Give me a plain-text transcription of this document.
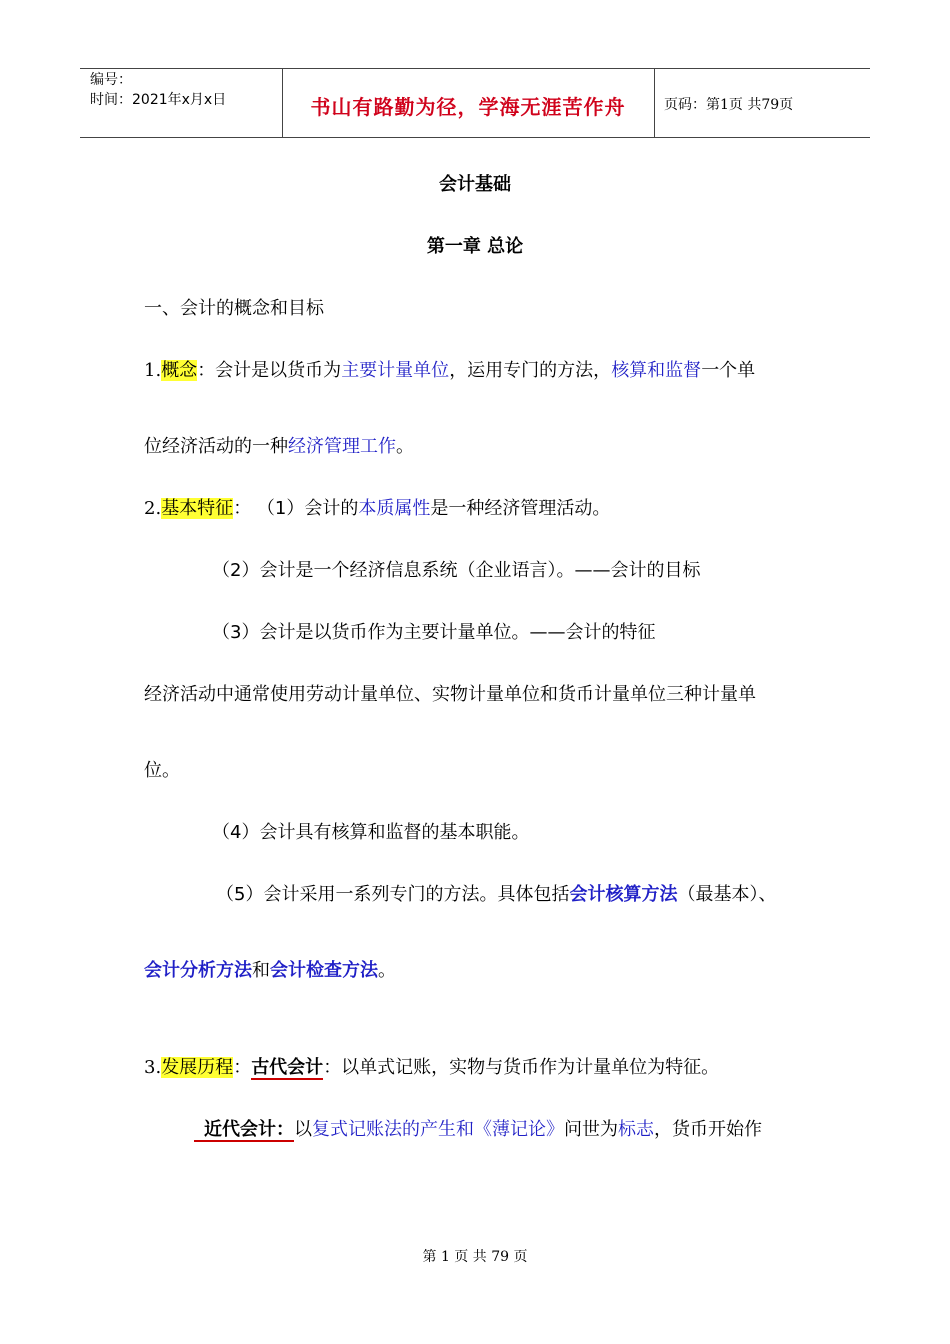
编号：
时间：2021年x月x日	书山有路勤为径，学海无涯苦作舟	页码：第1页 共79页
会计基础
第一章 总论
一、会计的概念和目标
1.概念：会计是以货币为主要计量单位，运用专门的方法，核算和监督一个单
位经济活动的一种经济管理工作。
2.基本特征： （1）会计的本质属性是一种经济管理活动。
（2）会计是一个经济信息系统（企业语言）。——会计的目标
（3）会计是以货币作为主要计量单位。——会计的特征
经济活动中通常使用劳动计量单位、实物计量单位和货币计量单位三种计量单
位。
（4）会计具有核算和监督的基本职能。
（5）会计采用一系列专门的方法。具体包括会计核算方法（最基本）、
会计分析方法和会计检查方法。
3.发展历程：古代会计：以单式记账，实物与货币作为计量单位为特征。
近代会计：以复式记账法的产生和《薄记论》问世为标志，货币开始作
第 1 页 共 79 页
